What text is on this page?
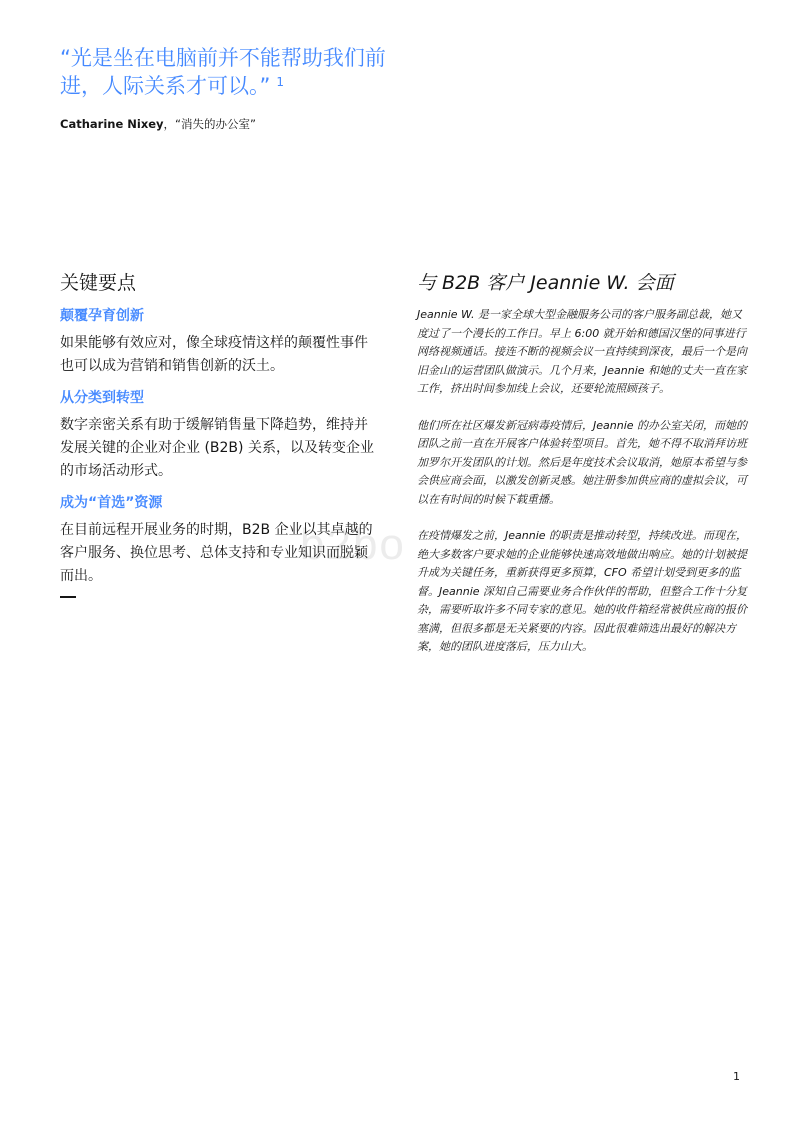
“光是坐在电脑前并不能帮助我们前进，人际关系才可以。” $^1$
Catharine Nixey，“消失的办公室”
b2bo
关键要点
颠覆孕育创新

如果能够有效应对，像全球疫情这样的颠覆性事件也可以成为营销和销售创新的沃土。

从分类到转型

数字亲密关系有助于缓解销售量下降趋势，维持并发展关键的企业对企业 (B2B) 关系，以及转变企业的市场活动形式。

成为“首选”资源

在目前远程开展业务的时期，B2B 企业以其卓越的客户服务、换位思考、总体支持和专业知识而脱颖而出。

与 B2B 客户 Jeannie W. 会面

Jeannie W. 是一家全球大型金融服务公司的客户服务副总裁，她又度过了一个漫长的工作日。早上 6:00 就开始和德国汉堡的同事进行网络视频通话。接连不断的视频会议一直持续到深夜，最后一个是向旧金山的运营团队做演示。几个月来，Jeannie 和她的丈夫一直在家工作，挤出时间参加线上会议，还要轮流照顾孩子。

他们所在社区爆发新冠病毒疫情后，Jeannie 的办公室关闭，而她的团队之前一直在开展客户体验转型项目。首先，她不得不取消拜访班加罗尔开发团队的计划。然后是年度技术会议取消，她原本希望与参会供应商会面，以激发创新灵感。她注册参加供应商的虚拟会议，可以在有时间的时候下载重播。

在疫情爆发之前，Jeannie 的职责是推动转型，持续改进。而现在，绝大多数客户要求她的企业能够快速高效地做出响应。她的计划被提升成为关键任务，重新获得更多预算，CFO 希望计划受到更多的监督。Jeannie 深知自己需要业务合作伙伴的帮助，但整合工作十分复杂，需要听取许多不同专家的意见。她的收件箱经常被供应商的报价塞满，但很多都是无关紧要的内容。因此很难筛选出最好的解决方案，她的团队进度落后，压力山大。

1
